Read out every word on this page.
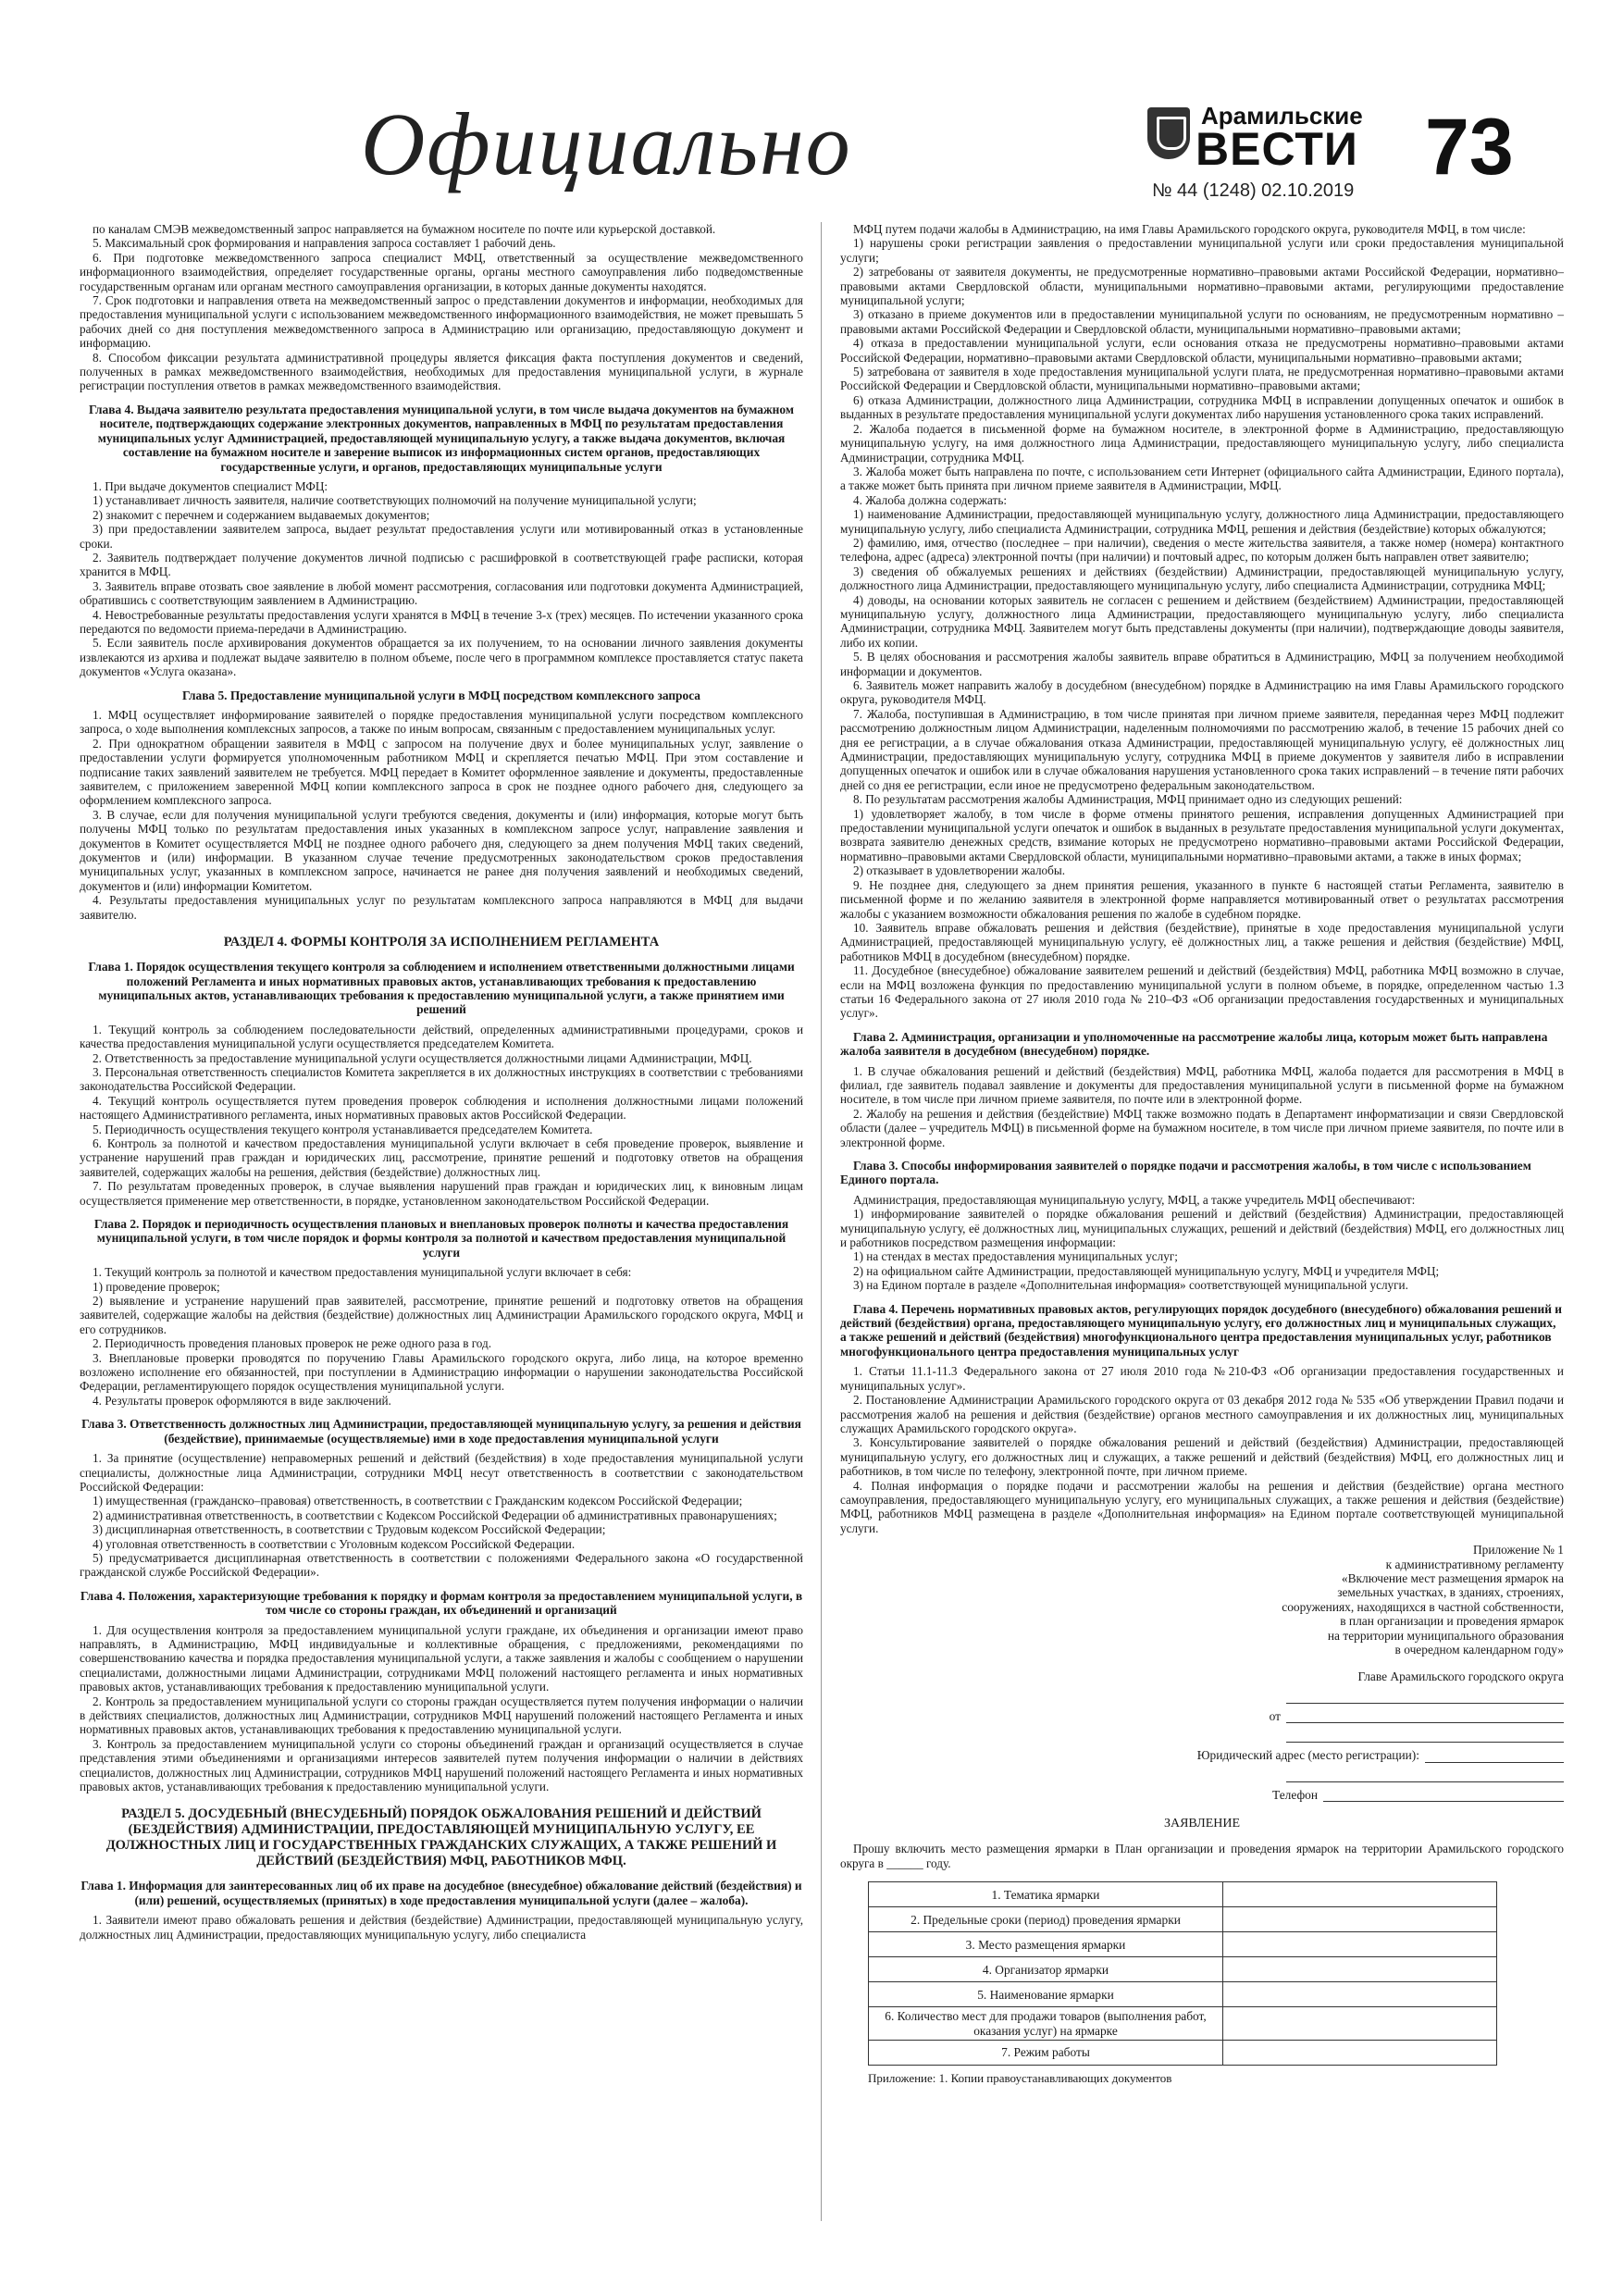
Официально	Арамильские
ВЕСТИ
№ 44 (1248) 02.10.2019 73

по каналам СМЭВ межведомственный запрос направляется на бумажном носителе по почте или курьерской доставкой.

5. Максимальный срок формирования и направления запроса составляет 1 рабочий день.

6. При подготовке межведомственного запроса специалист МФЦ, ответственный за осуществление межведомственного информационного взаимодействия, определяет государственные органы, органы местного самоуправления либо подведомственные государственным органам или органам местного самоуправления организации, в которых данные документы находятся.

7. Срок подготовки и направления ответа на межведомственный запрос о представлении документов и информации, необходимых для предоставления муниципальной услуги с использованием межведомственного информационного взаимодействия, не может превышать 5 рабочих дней со дня поступления межведомственного запроса в Администрацию или организацию, предоставляющую документ и информацию.

8. Способом фиксации результата административной процедуры является фиксация факта поступления документов и сведений, полученных в рамках межведомственного взаимодействия, необходимых для предоставления муниципальной услуги, в журнале регистрации поступления ответов в рамках межведомственного взаимодействия.

Глава 4. Выдача заявителю результата предоставления муниципальной услуги, в том числе выдача документов на бумажном носителе, подтверждающих содержание электронных документов, направленных в МФЦ по результатам предоставления муниципальных услуг Администрацией, предоставляющей муниципальную услугу, а также выдача документов, включая составление на бумажном носителе и заверение выписок из информационных систем органов, предоставляющих государственные услуги, и органов, предоставляющих муниципальные услуги

1. При выдаче документов специалист МФЦ:

1) устанавливает личность заявителя, наличие соответствующих полномочий на получение муниципальной услуги;

2) знакомит с перечнем и содержанием выдаваемых документов;

3) при предоставлении заявителем запроса, выдает результат предоставления услуги или мотивированный отказ в установленные сроки.

2. Заявитель подтверждает получение документов личной подписью с расшифровкой в соответствующей графе расписки, которая хранится в МФЦ.

3. Заявитель вправе отозвать свое заявление в любой момент рассмотрения, согласования или подготовки документа Администрацией, обратившись с соответствующим заявлением в Администрацию.

4. Невостребованные результаты предоставления услуги хранятся в МФЦ в течение 3-х (трех) месяцев. По истечении указанного срока передаются по ведомости приема-передачи в Администрацию.

5. Если заявитель после архивирования документов обращается за их получением, то на основании личного заявления документы извлекаются из архива и подлежат выдаче заявителю в полном объеме, после чего в программном комплексе проставляется статус пакета документов «Услуга оказана».

Глава 5. Предоставление муниципальной услуги в МФЦ посредством комплексного запроса

1. МФЦ осуществляет информирование заявителей о порядке предоставления муниципальной услуги посредством комплексного запроса, о ходе выполнения комплексных запросов, а также по иным вопросам, связанным с предоставлением муниципальных услуг.

2. При однократном обращении заявителя в МФЦ с запросом на получение двух и более муниципальных услуг, заявление о предоставлении услуги формируется уполномоченным работником МФЦ и скрепляется печатью МФЦ. При этом составление и подписание таких заявлений заявителем не требуется. МФЦ передает в Комитет оформленное заявление и документы, предоставленные заявителем, с приложением заверенной МФЦ копии комплексного запроса в срок не позднее одного рабочего дня, следующего за оформлением комплексного запроса.

3. В случае, если для получения муниципальной услуги требуются сведения, документы и (или) информация, которые могут быть получены МФЦ только по результатам предоставления иных указанных в комплексном запросе услуг, направление заявления и документов в Комитет осуществляется МФЦ не позднее одного рабочего дня, следующего за днем получения МФЦ таких сведений, документов и (или) информации. В указанном случае течение предусмотренных законодательством сроков предоставления муниципальных услуг, указанных в комплексном запросе, начинается не ранее дня получения заявлений и необходимых сведений, документов и (или) информации Комитетом.

4. Результаты предоставления муниципальных услуг по результатам комплексного запроса направляются в МФЦ для выдачи заявителю.

РАЗДЕЛ 4. ФОРМЫ КОНТРОЛЯ ЗА ИСПОЛНЕНИЕМ РЕГЛАМЕНТА
Глава 1. Порядок осуществления текущего контроля за соблюдением и исполнением ответственными должностными лицами положений Регламента и иных нормативных правовых актов, устанавливающих требования к предоставлению муниципальных актов, устанавливающих требования к предоставлению муниципальной услуги, а также принятием ими решений

1. Текущий контроль за соблюдением последовательности действий, определенных административными процедурами, сроков и качества предоставления муниципальной услуги осуществляется председателем Комитета.

2. Ответственность за предоставление муниципальной услуги осуществляется должностными лицами Администрации, МФЦ.

3. Персональная ответственность специалистов Комитета закрепляется в их должностных инструкциях в соответствии с требованиями законодательства Российской Федерации.

4. Текущий контроль осуществляется путем проведения проверок соблюдения и исполнения должностными лицами положений настоящего Административного регламента, иных нормативных правовых актов Российской Федерации.

5. Периодичность осуществления текущего контроля устанавливается председателем Комитета.

6. Контроль за полнотой и качеством предоставления муниципальной услуги включает в себя проведение проверок, выявление и устранение нарушений прав граждан и юридических лиц, рассмотрение, принятие решений и подготовку ответов на обращения заявителей, содержащих жалобы на решения, действия (бездействие) должностных лиц.

7. По результатам проведенных проверок, в случае выявления нарушений прав граждан и юридических лиц, к виновным лицам осуществляется применение мер ответственности, в порядке, установленном законодательством Российской Федерации.

Глава 2. Порядок и периодичность осуществления плановых и внеплановых проверок полноты и качества предоставления муниципальной услуги, в том числе порядок и формы контроля за полнотой и качеством предоставления муниципальной услуги

1. Текущий контроль за полнотой и качеством предоставления муниципальной услуги включает в себя:

1) проведение проверок;

2) выявление и устранение нарушений прав заявителей, рассмотрение, принятие решений и подготовку ответов на обращения заявителей, содержащие жалобы на действия (бездействие) должностных лиц Администрации Арамильского городского округа, МФЦ и его сотрудников.

2. Периодичность проведения плановых проверок не реже одного раза в год.

3. Внеплановые проверки проводятся по поручению Главы Арамильского городского округа, либо лица, на которое временно возложено исполнение его обязанностей, при поступлении в Администрацию информации о нарушении законодательства Российской Федерации, регламентирующего порядок осуществления муниципальной услуги.

4. Результаты проверок оформляются в виде заключений.

Глава 3. Ответственность должностных лиц Администрации, предоставляющей муниципальную услугу, за решения и действия (бездействие), принимаемые (осуществляемые) ими в ходе предоставления муниципальной услуги

1. За принятие (осуществление) неправомерных решений и действий (бездействия) в ходе предоставления муниципальной услуги специалисты, должностные лица Администрации, сотрудники МФЦ несут ответственность в соответствии с законодательством Российской Федерации:

1) имущественная (гражданско–правовая) ответственность, в соответствии с Гражданским кодексом Российской Федерации;

2) административная ответственность, в соответствии с Кодексом Российской Федерации об административных правонарушениях;

3) дисциплинарная ответственность, в соответствии с Трудовым кодексом Российской Федерации;

4) уголовная ответственность в соответствии с Уголовным кодексом Российской Федерации.

5) предусматривается дисциплинарная ответственность в соответствии с положениями Федерального закона «О государственной гражданской службе Российской Федерации».

Глава 4. Положения, характеризующие требования к порядку и формам контроля за предоставлением муниципальной услуги, в том числе со стороны граждан, их объединений и организаций

1. Для осуществления контроля за предоставлением муниципальной услуги граждане, их объединения и организации имеют право направлять, в Администрацию, МФЦ индивидуальные и коллективные обращения, с предложениями, рекомендациями по совершенствованию качества и порядка предоставления муниципальной услуги, а также заявления и жалобы с сообщением о нарушении специалистами, должностными лицами Администрации, сотрудниками МФЦ положений настоящего регламента и иных нормативных правовых актов, устанавливающих требования к предоставлению муниципальной услуги.

2. Контроль за предоставлением муниципальной услуги со стороны граждан осуществляется путем получения информации о наличии в действиях специалистов, должностных лиц Администрации, сотрудников МФЦ нарушений положений настоящего Регламента и иных нормативных правовых актов, устанавливающих требования к предоставлению муниципальной услуги.

3. Контроль за предоставлением муниципальной услуги со стороны объединений граждан и организаций осуществляется в случае представления этими объединениями и организациями интересов заявителей путем получения информации о наличии в действиях специалистов, должностных лиц Администрации, сотрудников МФЦ нарушений положений настоящего Регламента и иных нормативных правовых актов, устанавливающих требования к предоставлению муниципальной услуги.

РАЗДЕЛ 5. ДОСУДЕБНЫЙ (ВНЕСУДЕБНЫЙ) ПОРЯДОК ОБЖАЛОВАНИЯ РЕШЕНИЙ И ДЕЙСТВИЙ (БЕЗДЕЙСТВИЯ) АДМИНИСТРАЦИИ, ПРЕДОСТАВЛЯЮЩЕЙ МУНИЦИПАЛЬНУЮ УСЛУГУ, ЕЕ ДОЛЖНОСТНЫХ ЛИЦ И ГОСУДАРСТВЕННЫХ ГРАЖДАНСКИХ СЛУЖАЩИХ, А ТАКЖЕ РЕШЕНИЙ И ДЕЙСТВИЙ (БЕЗДЕЙСТВИЯ) МФЦ, РАБОТНИКОВ МФЦ.
Глава 1. Информация для заинтересованных лиц об их праве на досудебное (внесудебное) обжалование действий (бездействия) и (или) решений, осуществляемых (принятых) в ходе предоставления муниципальной услуги (далее – жалоба).

1. Заявители имеют право обжаловать решения и действия (бездействие) Администрации, предоставляющей муниципальную услугу, должностных лиц Администрации, предоставляющих муниципальную услугу, либо специалиста

МФЦ путем подачи жалобы в Администрацию, на имя Главы Арамильского городского округа, руководителя МФЦ, в том числе:

1) нарушены сроки регистрации заявления о предоставлении муниципальной услуги или сроки предоставления муниципальной услуги;

2) затребованы от заявителя документы, не предусмотренные нормативно–правовыми актами Российской Федерации, нормативно–правовыми актами Свердловской области, муниципальными нормативно–правовыми актами, регулирующими предоставление муниципальной услуги;

3) отказано в приеме документов или в предоставлении муниципальной услуги по основаниям, не предусмотренным нормативно – правовыми актами Российской Федерации и Свердловской области, муниципальными нормативно–правовыми актами;

4) отказа в предоставлении муниципальной услуги, если основания отказа не предусмотрены нормативно–правовыми актами Российской Федерации, нормативно–правовыми актами Свердловской области, муниципальными нормативно–правовыми актами;

5) затребована от заявителя в ходе предоставления муниципальной услуги плата, не предусмотренная нормативно–правовыми актами Российской Федерации и Свердловской области, муниципальными нормативно–правовыми актами;

6) отказа Администрации, должностного лица Администрации, сотрудника МФЦ в исправлении допущенных опечаток и ошибок в выданных в результате предоставления муниципальной услуги документах либо нарушения установленного срока таких исправлений.

2. Жалоба подается в письменной форме на бумажном носителе, в электронной форме в Администрацию, предоставляющую муниципальную услугу, на имя должностного лица Администрации, предоставляющего муниципальную услугу, либо специалиста Администрации, сотрудника МФЦ.

3. Жалоба может быть направлена по почте, с использованием сети Интернет (официального сайта Администрации, Единого портала), а также может быть принята при личном приеме заявителя в Администрации, МФЦ.

4. Жалоба должна содержать:

1) наименование Администрации, предоставляющей муниципальную услугу, должностного лица Администрации, предоставляющего муниципальную услугу, либо специалиста Администрации, сотрудника МФЦ, решения и действия (бездействие) которых обжалуются;

2) фамилию, имя, отчество (последнее – при наличии), сведения о месте жительства заявителя, а также номер (номера) контактного телефона, адрес (адреса) электронной почты (при наличии) и почтовый адрес, по которым должен быть направлен ответ заявителю;

3) сведения об обжалуемых решениях и действиях (бездействии) Администрации, предоставляющей муниципальную услугу, должностного лица Администрации, предоставляющего муниципальную услугу, либо специалиста Администрации, сотрудника МФЦ;

4) доводы, на основании которых заявитель не согласен с решением и действием (бездействием) Администрации, предоставляющей муниципальную услугу, должностного лица Администрации, предоставляющего муниципальную услугу, либо специалиста Администрации, сотрудника МФЦ. Заявителем могут быть представлены документы (при наличии), подтверждающие доводы заявителя, либо их копии.

5. В целях обоснования и рассмотрения жалобы заявитель вправе обратиться в Администрацию, МФЦ за получением необходимой информации и документов.

6. Заявитель может направить жалобу в досудебном (внесудебном) порядке в Администрацию на имя Главы Арамильского городского округа, руководителя МФЦ.

7. Жалоба, поступившая в Администрацию, в том числе принятая при личном приеме заявителя, переданная через МФЦ подлежит рассмотрению должностным лицом Администрации, наделенным полномочиями по рассмотрению жалоб, в течение 15 рабочих дней со дня ее регистрации, а в случае обжалования отказа Администрации, предоставляющей муниципальную услугу, её должностных лиц Администрации, предоставляющих муниципальную услугу, сотрудника МФЦ в приеме документов у заявителя либо в исправлении допущенных опечаток и ошибок или в случае обжалования нарушения установленного срока таких исправлений – в течение пяти рабочих дней со дня ее регистрации, если иное не предусмотрено федеральным законодательством.

8. По результатам рассмотрения жалобы Администрация, МФЦ принимает одно из следующих решений:

1) удовлетворяет жалобу, в том числе в форме отмены принятого решения, исправления допущенных Администрацией при предоставлении муниципальной услуги опечаток и ошибок в выданных в результате предоставления муниципальной услуги документах, возврата заявителю денежных средств, взимание которых не предусмотрено нормативно–правовыми актами Российской Федерации, нормативно–правовыми актами Свердловской области, муниципальными нормативно–правовыми актами, а также в иных формах;

2) отказывает в удовлетворении жалобы.

9. Не позднее дня, следующего за днем принятия решения, указанного в пункте 6 настоящей статьи Регламента, заявителю в письменной форме и по желанию заявителя в электронной форме направляется мотивированный ответ о результатах рассмотрения жалобы с указанием возможности обжалования решения по жалобе в судебном порядке.

10. Заявитель вправе обжаловать решения и действия (бездействие), принятые в ходе предоставления муниципальной услуги Администрацией, предоставляющей муниципальную услугу, её должностных лиц, а также решения и действия (бездействие) МФЦ, работников МФЦ в досудебном (внесудебном) порядке.

11. Досудебное (внесудебное) обжалование заявителем решений и действий (бездействия) МФЦ, работника МФЦ возможно в случае, если на МФЦ возложена функция по предоставлению муниципальной услуги в полном объеме, в порядке, определенном частью 1.3 статьи 16 Федерального закона от 27 июля 2010 года № 210–ФЗ «Об организации предоставления государственных и муниципальных услуг».

Глава 2. Администрация, организации и уполномоченные на рассмотрение жалобы лица, которым может быть направлена жалоба заявителя в досудебном (внесудебном) порядке.

1. В случае обжалования решений и действий (бездействия) МФЦ, работника МФЦ, жалоба подается для рассмотрения в МФЦ в филиал, где заявитель подавал заявление и документы для предоставления муниципальной услуги в письменной форме на бумажном носителе, в том числе при личном приеме заявителя, по почте или в электронной форме.

2. Жалобу на решения и действия (бездействие) МФЦ также возможно подать в Департамент информатизации и связи Свердловской области (далее – учредитель МФЦ) в письменной форме на бумажном носителе, в том числе при личном приеме заявителя, по почте или в электронной форме.

Глава 3. Способы информирования заявителей о порядке подачи и рассмотрения жалобы, в том числе с использованием Единого портала.

Администрация, предоставляющая муниципальную услугу, МФЦ, а также учредитель МФЦ обеспечивают:

1) информирование заявителей о порядке обжалования решений и действий (бездействия) Администрации, предоставляющей муниципальную услугу, её должностных лиц, муниципальных служащих, решений и действий (бездействия) МФЦ, его должностных лиц и работников посредством размещения информации:

1) на стендах в местах предоставления муниципальных услуг;

2) на официальном сайте Администрации, предоставляющей муниципальную услугу, МФЦ и учредителя МФЦ;

3) на Едином портале в разделе «Дополнительная информация» соответствующей муниципальной услуги.

Глава 4. Перечень нормативных правовых актов, регулирующих порядок досудебного (внесудебного) обжалования решений и действий (бездействия) органа, предоставляющего муниципальную услугу, его должностных лиц и муниципальных служащих, а также решений и действий (бездействия) многофункционального центра предоставления муниципальных услуг, работников многофункционального центра предоставления муниципальных услуг

1. Статьи 11.1-11.3 Федерального закона от 27 июля 2010 года №210-ФЗ «Об организации предоставления государственных и муниципальных услуг».

2. Постановление Администрации Арамильского городского округа от 03 декабря 2012 года № 535 «Об утверждении Правил подачи и рассмотрения жалоб на решения и действия (бездействие) органов местного самоуправления и их должностных лиц, муниципальных служащих Арамильского городского округа».

3. Консультирование заявителей о порядке обжалования решений и действий (бездействия) Администрации, предоставляющей муниципальную услугу, его должностных лиц и служащих, а также решений и действий (бездействия) МФЦ, его должностных лиц и работников, в том числе по телефону, электронной почте, при личном приеме.

4. Полная информация о порядке подачи и рассмотрении жалобы на решения и действия (бездействие) органа местного самоуправления, предоставляющего муниципальную услугу, его муниципальных служащих, а также решения и действия (бездействие) МФЦ, работников МФЦ размещена в разделе «Дополнительная информация» на Едином портале соответствующей муниципальной услуги.

Приложение № 1
к административному регламенту
«Включение мест размещения ярмарок на
земельных участках, в зданиях, строениях,
сооружениях, находящихся в частной собственности,
в план организации и проведения ярмарок
на территории муниципального образования
в очередном календарном году»
Главе Арамильского городского округа
от
Юридический адрес (место регистрации):
Телефон
ЗАЯВЛЕНИЕ

Прошу включить место размещения ярмарки в План организации и проведения ярмарок на территории Арамильского городского округа в ______ году.

1. Тематика ярмарки	
2. Предельные сроки (период) проведения ярмарки	
3. Место размещения ярмарки	
4. Организатор ярмарки	
5. Наименование ярмарки	
6. Количество мест для продажи товаров (выполнения работ, оказания услуг) на ярмарке	
7. Режим работы	
Приложение: 1. Копии правоустанавливающих документов
